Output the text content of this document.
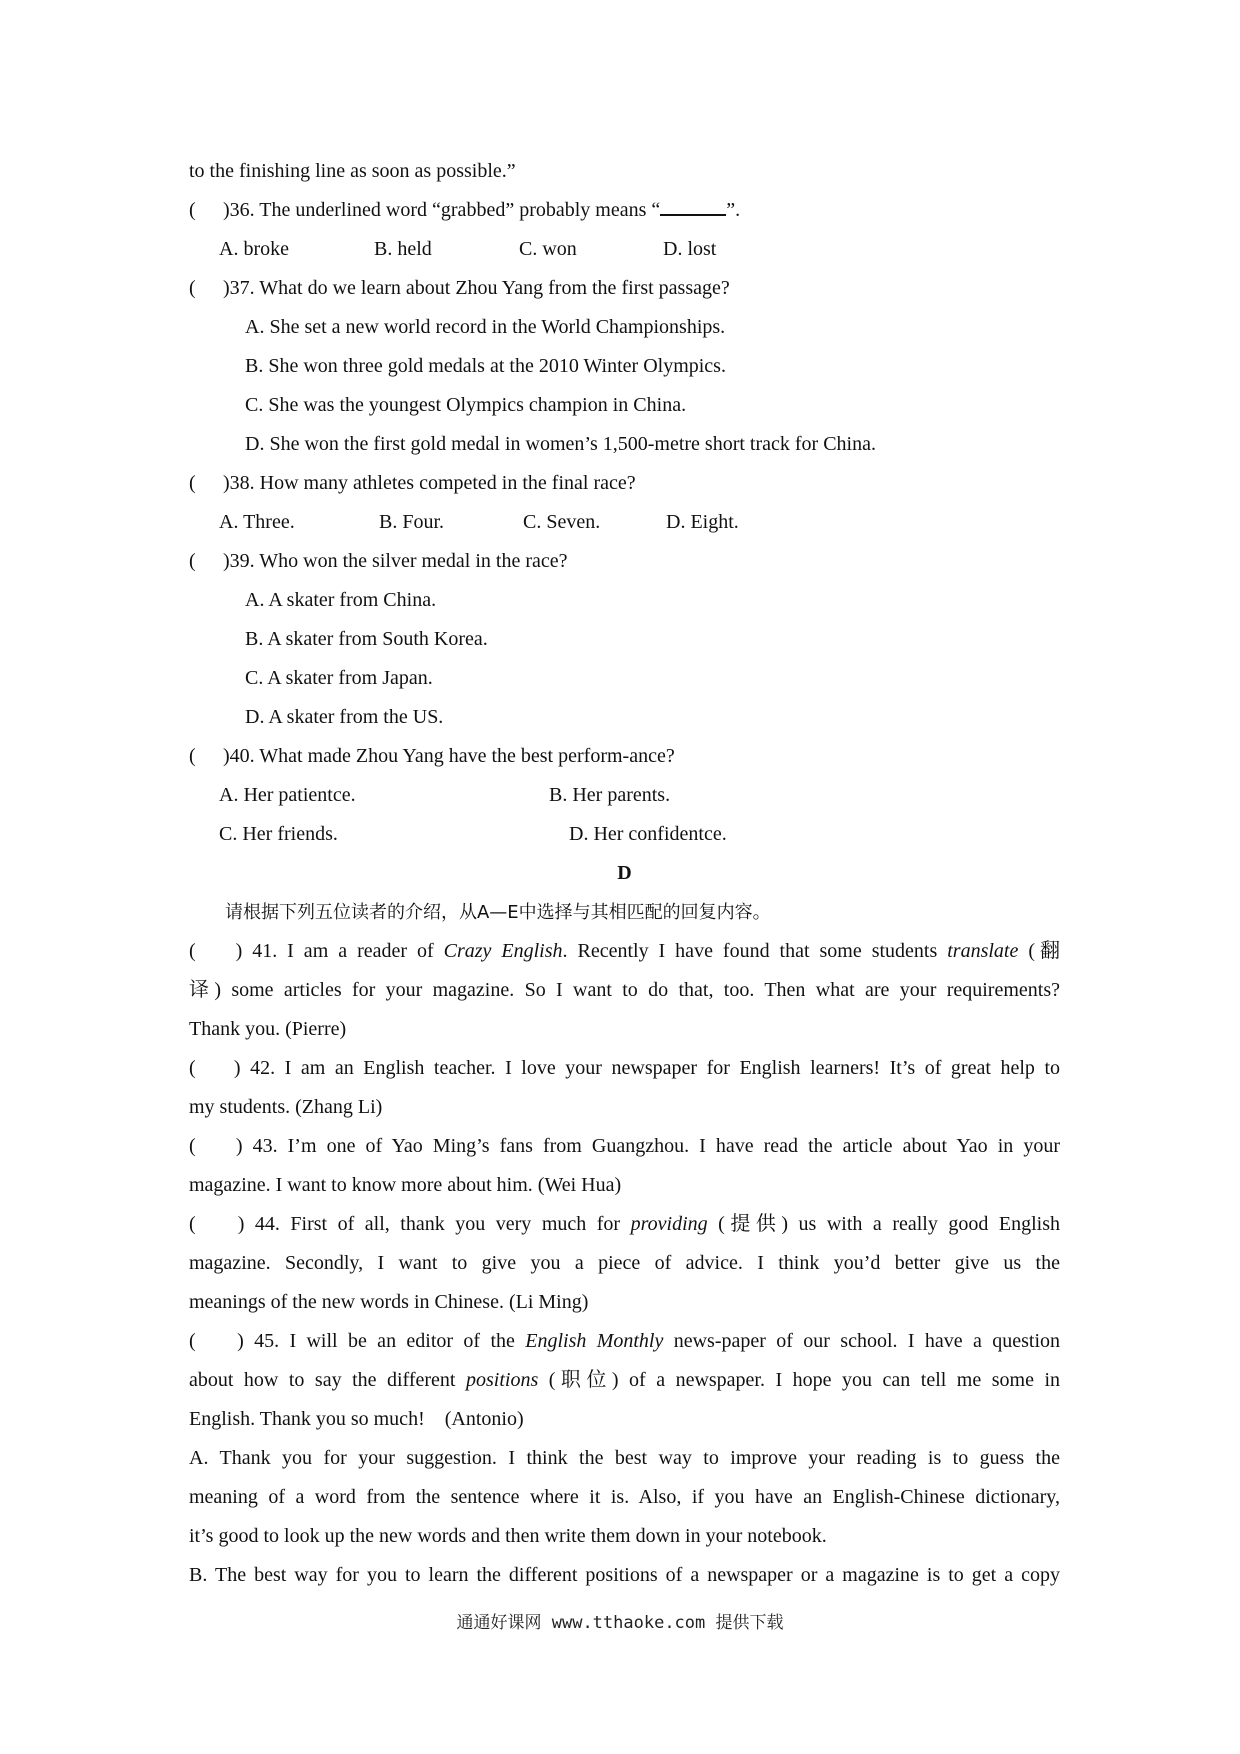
to the finishing line as soon as possible.”
( )36. The underlined word “grabbed” probably means “	”.
A. broke	B. held	C. won	D. lost
( )37. What do we learn about Zhou Yang from the first passage?
A. She set a new world record in the World Championships.
B. She won three gold medals at the 2010 Winter Olympics.
C. She was the youngest Olympics champion in China.
D. She won the first gold medal in women’s 1,500-metre short track for China.
( )38. How many athletes competed in the final race?
A. Three.	B. Four.	C. Seven.	D. Eight.
( )39. Who won the silver medal in the race?
A. A skater from China.
B. A skater from South Korea.
C. A skater from Japan.
D. A skater from the US.
( )40. What made Zhou Yang have the best perform-ance?
A. Her patientce.	B. Her parents.
C. Her friends.	D. Her confidentce.
D
请根据下列五位读者的介绍，从A—E中选择与其相匹配的回复内容。
(    ) 41. I am a reader of Crazy English. Recently I have found that some students translate (翻
译) some articles for your magazine. So I want to do that, too. Then what are your requirements?
Thank you. (Pierre)
(    ) 42. I am an English teacher. I love your newspaper for English learners! It’s of great help to
my students. (Zhang Li)
(    ) 43. I’m one of Yao Ming’s fans from Guangzhou. I have read the article about Yao in your
magazine. I want to know more about him. (Wei Hua)
(    ) 44. First of all, thank you very much for providing (提供) us with a really good English
magazine. Secondly, I want to give you a piece of advice. I think you’d better give us the
meanings of the new words in Chinese. (Li Ming)
(    ) 45. I will be an editor of the English Monthly news-paper of our school. I have a question
about how to say the different positions (职位) of a newspaper. I hope you can tell me some in
English. Thank you so much!    (Antonio)
A. Thank you for your suggestion. I think the best way to improve your reading is to guess the
meaning of a word from the sentence where it is. Also, if you have an English-Chinese dictionary,
it’s good to look up the new words and then write them down in your notebook.
B. The best way for you to learn the different positions of a newspaper or a magazine is to get a copy
通通好课网 www.tthaoke.com 提供下载
